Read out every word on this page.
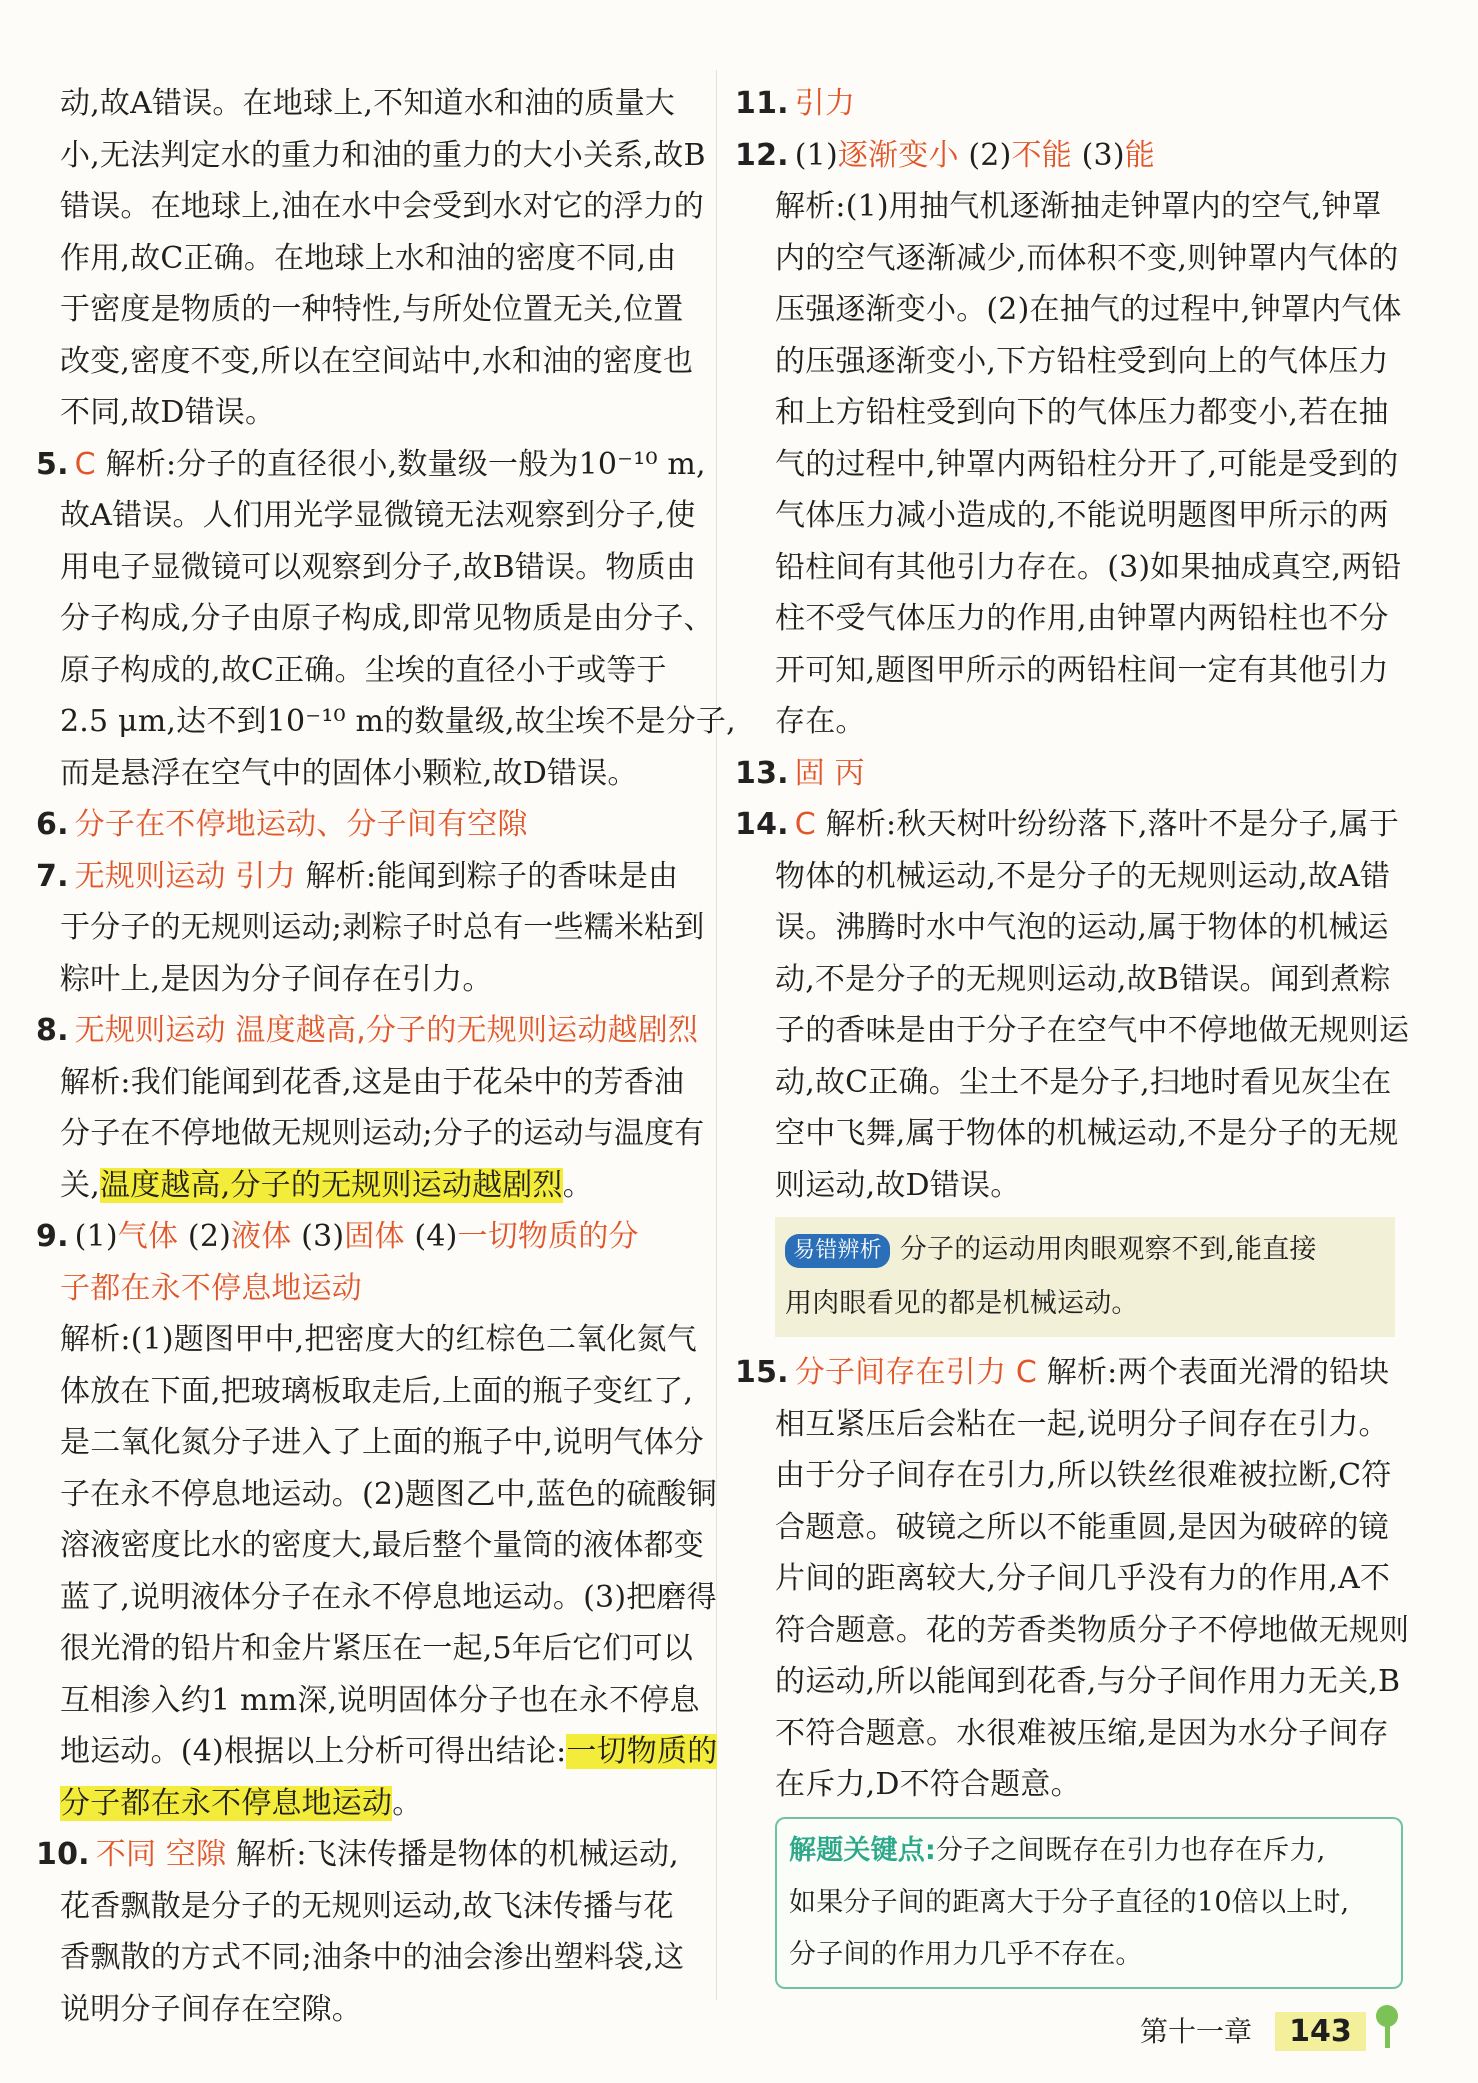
动,故A错误。在地球上,不知道水和油的质量大
小,无法判定水的重力和油的重力的大小关系,故B
错误。在地球上,油在水中会受到水对它的浮力的
作用,故C正确。在地球上水和油的密度不同,由
于密度是物质的一种特性,与所处位置无关,位置
改变,密度不变,所以在空间站中,水和油的密度也
不同,故D错误。
5. C 解析:分子的直径很小,数量级一般为10⁻¹⁰ m,
故A错误。人们用光学显微镜无法观察到分子,使
用电子显微镜可以观察到分子,故B错误。物质由
分子构成,分子由原子构成,即常见物质是由分子、
原子构成的,故C正确。尘埃的直径小于或等于
2.5 μm,达不到10⁻¹⁰ m的数量级,故尘埃不是分子,
而是悬浮在空气中的固体小颗粒,故D错误。
6. 分子在不停地运动、分子间有空隙
7. 无规则运动 引力 解析:能闻到粽子的香味是由
于分子的无规则运动;剥粽子时总有一些糯米粘到
粽叶上,是因为分子间存在引力。
8. 无规则运动 温度越高,分子的无规则运动越剧烈
解析:我们能闻到花香,这是由于花朵中的芳香油
分子在不停地做无规则运动;分子的运动与温度有
关,温度越高,分子的无规则运动越剧烈。
9. (1)气体 (2)液体 (3)固体 (4)一切物质的分
子都在永不停息地运动
解析:(1)题图甲中,把密度大的红棕色二氧化氮气
体放在下面,把玻璃板取走后,上面的瓶子变红了,
是二氧化氮分子进入了上面的瓶子中,说明气体分
子在永不停息地运动。(2)题图乙中,蓝色的硫酸铜
溶液密度比水的密度大,最后整个量筒的液体都变
蓝了,说明液体分子在永不停息地运动。(3)把磨得
很光滑的铅片和金片紧压在一起,5年后它们可以
互相渗入约1 mm深,说明固体分子也在永不停息
地运动。(4)根据以上分析可得出结论:一切物质的
分子都在永不停息地运动。
10. 不同 空隙 解析:飞沫传播是物体的机械运动,
花香飘散是分子的无规则运动,故飞沫传播与花
香飘散的方式不同;油条中的油会渗出塑料袋,这
说明分子间存在空隙。
11. 引力
12. (1)逐渐变小 (2)不能 (3)能
解析:(1)用抽气机逐渐抽走钟罩内的空气,钟罩
内的空气逐渐减少,而体积不变,则钟罩内气体的
压强逐渐变小。(2)在抽气的过程中,钟罩内气体
的压强逐渐变小,下方铅柱受到向上的气体压力
和上方铅柱受到向下的气体压力都变小,若在抽
气的过程中,钟罩内两铅柱分开了,可能是受到的
气体压力减小造成的,不能说明题图甲所示的两
铅柱间有其他引力存在。(3)如果抽成真空,两铅
柱不受气体压力的作用,由钟罩内两铅柱也不分
开可知,题图甲所示的两铅柱间一定有其他引力
存在。
13. 固 丙
14. C 解析:秋天树叶纷纷落下,落叶不是分子,属于
物体的机械运动,不是分子的无规则运动,故A错
误。沸腾时水中气泡的运动,属于物体的机械运
动,不是分子的无规则运动,故B错误。闻到煮粽
子的香味是由于分子在空气中不停地做无规则运
动,故C正确。尘土不是分子,扫地时看见灰尘在
空中飞舞,属于物体的机械运动,不是分子的无规
则运动,故D错误。
易错辨析 分子的运动用肉眼观察不到,能直接
用肉眼看见的都是机械运动。
15. 分子间存在引力 C 解析:两个表面光滑的铅块
相互紧压后会粘在一起,说明分子间存在引力。
由于分子间存在引力,所以铁丝很难被拉断,C符
合题意。破镜之所以不能重圆,是因为破碎的镜
片间的距离较大,分子间几乎没有力的作用,A不
符合题意。花的芳香类物质分子不停地做无规则
的运动,所以能闻到花香,与分子间作用力无关,B
不符合题意。水很难被压缩,是因为水分子间存
在斥力,D不符合题意。
解题关键点:分子之间既存在引力也存在斥力,
如果分子间的距离大于分子直径的10倍以上时,
分子间的作用力几乎不存在。
第十一章 143
